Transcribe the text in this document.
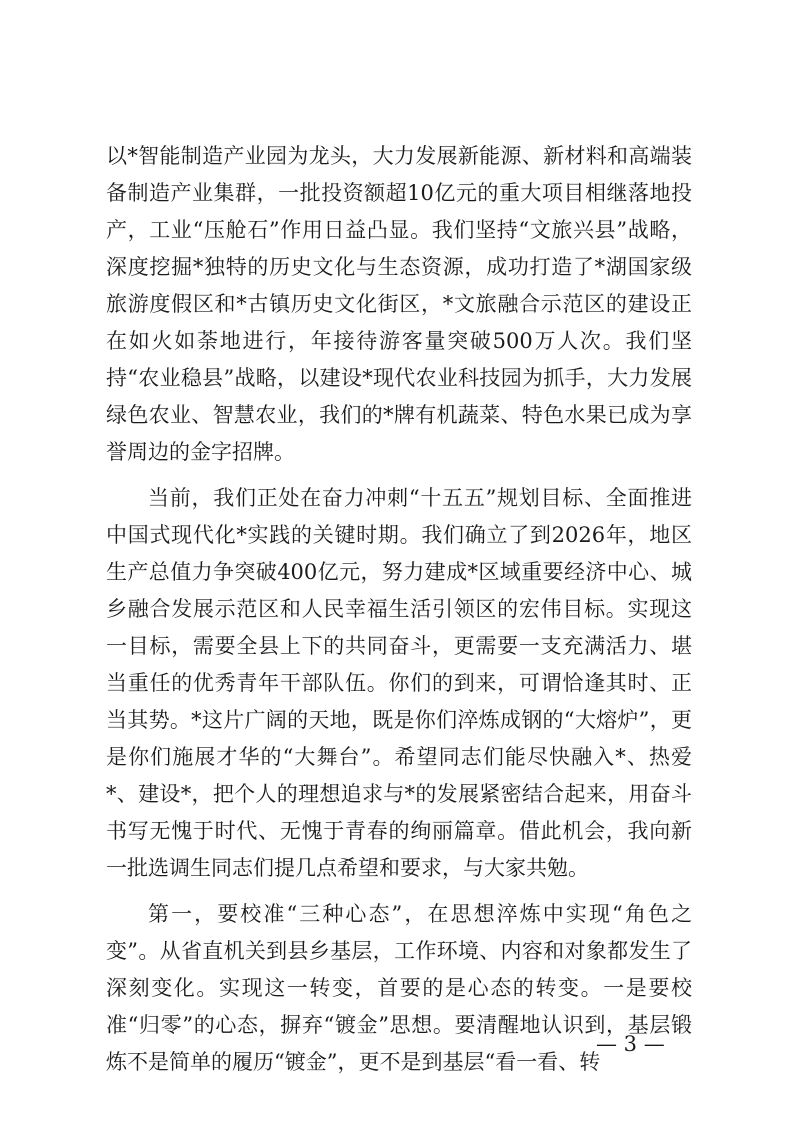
以*智能制造产业园为龙头，大力发展新能源、新材料和高端装备制造产业集群，一批投资额超10亿元的重大项目相继落地投产，工业“压舱石”作用日益凸显。我们坚持“文旅兴县”战略，深度挖掘*独特的历史文化与生态资源，成功打造了*湖国家级旅游度假区和*古镇历史文化街区，*文旅融合示范区的建设正在如火如荼地进行，年接待游客量突破500万人次。我们坚持“农业稳县”战略，以建设*现代农业科技园为抓手，大力发展绿色农业、智慧农业，我们的*牌有机蔬菜、特色水果已成为享誉周边的金字招牌。

当前，我们正处在奋力冲刺“十五五”规划目标、全面推进中国式现代化*实践的关键时期。我们确立了到2026年，地区生产总值力争突破400亿元，努力建成*区域重要经济中心、城乡融合发展示范区和人民幸福生活引领区的宏伟目标。实现这一目标，需要全县上下的共同奋斗，更需要一支充满活力、堪当重任的优秀青年干部队伍。你们的到来，可谓恰逢其时、正当其势。*这片广阔的天地，既是你们淬炼成钢的“大熔炉”，更是你们施展才华的“大舞台”。希望同志们能尽快融入*、热爱*、建设*，把个人的理想追求与*的发展紧密结合起来，用奋斗书写无愧于时代、无愧于青春的绚丽篇章。借此机会，我向新一批选调生同志们提几点希望和要求，与大家共勉。

第一，要校准“三种心态”，在思想淬炼中实现“角色之变”。从省直机关到县乡基层，工作环境、内容和对象都发生了深刻变化。实现这一转变，首要的是心态的转变。一是要校准“归零”的心态，摒弃“镀金”思想。要清醒地认识到，基层锻炼不是简单的履历“镀金”，更不是到基层“看一看、转

— 3 —
